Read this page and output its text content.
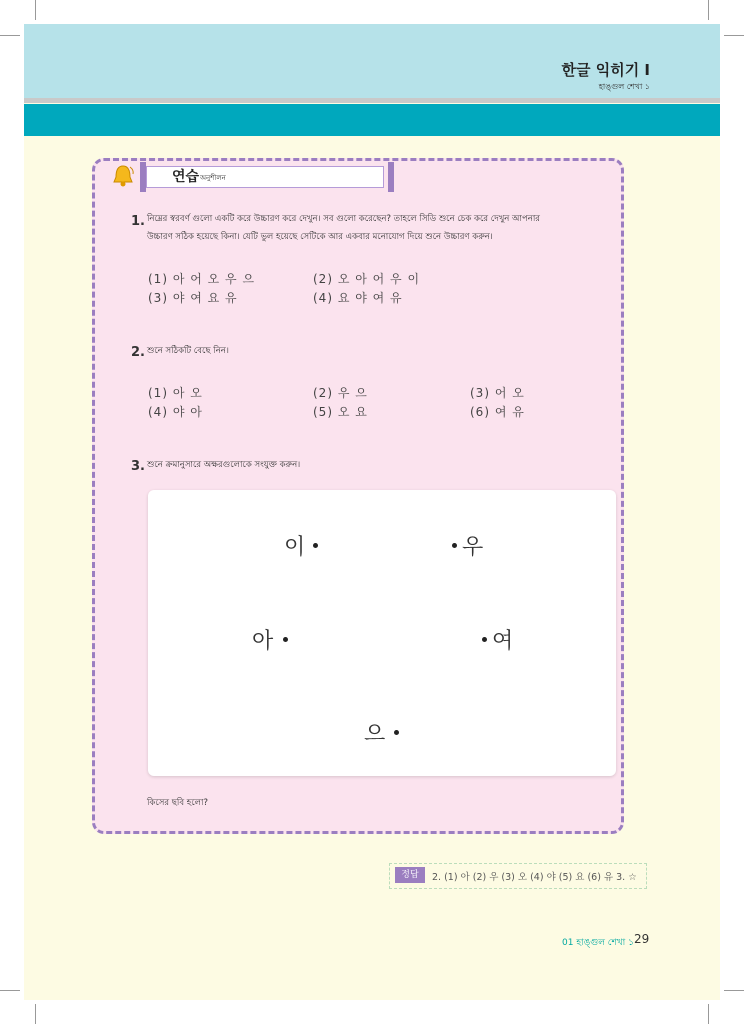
한글 익히기 I
হাঙ্গুল শেখা ১
연습 অনুশীলন
1. নিম্নের স্বরবর্ণ গুলো একটি করে উচ্চারণ করে দেখুন। সব গুলো করেছেন? তাহলে সিডি শুনে চেক করে দেখুন আপনার
উচ্চারণ সঠিক হয়েছে কিনা। যেটি ভুল হয়েছে সেটিকে আর একবার মনোযোগ দিয়ে শুনে উচ্চারণ করুন।
(1) 아 어 오 우 으	(2) 오 아 어 우 이
(3) 야 여 요 유	(4) 요 야 여 유
2. শুনে সঠিকটি বেছে নিন।
(1) 아 오	(2) 우 으	(3) 어 오
(4) 야 아	(5) 오 요	(6) 여 유
3. শুনে ক্রমানুসারে অক্ষরগুলোকে সংযুক্ত করুন।
이	우
아	여
으
কিসের ছবি হলো?
정답	2. (1) 아 (2) 우 (3) 오 (4) 야 (5) 요 (6) 유 3. ☆
01 হাঙ্গুল শেখা ১ 29
